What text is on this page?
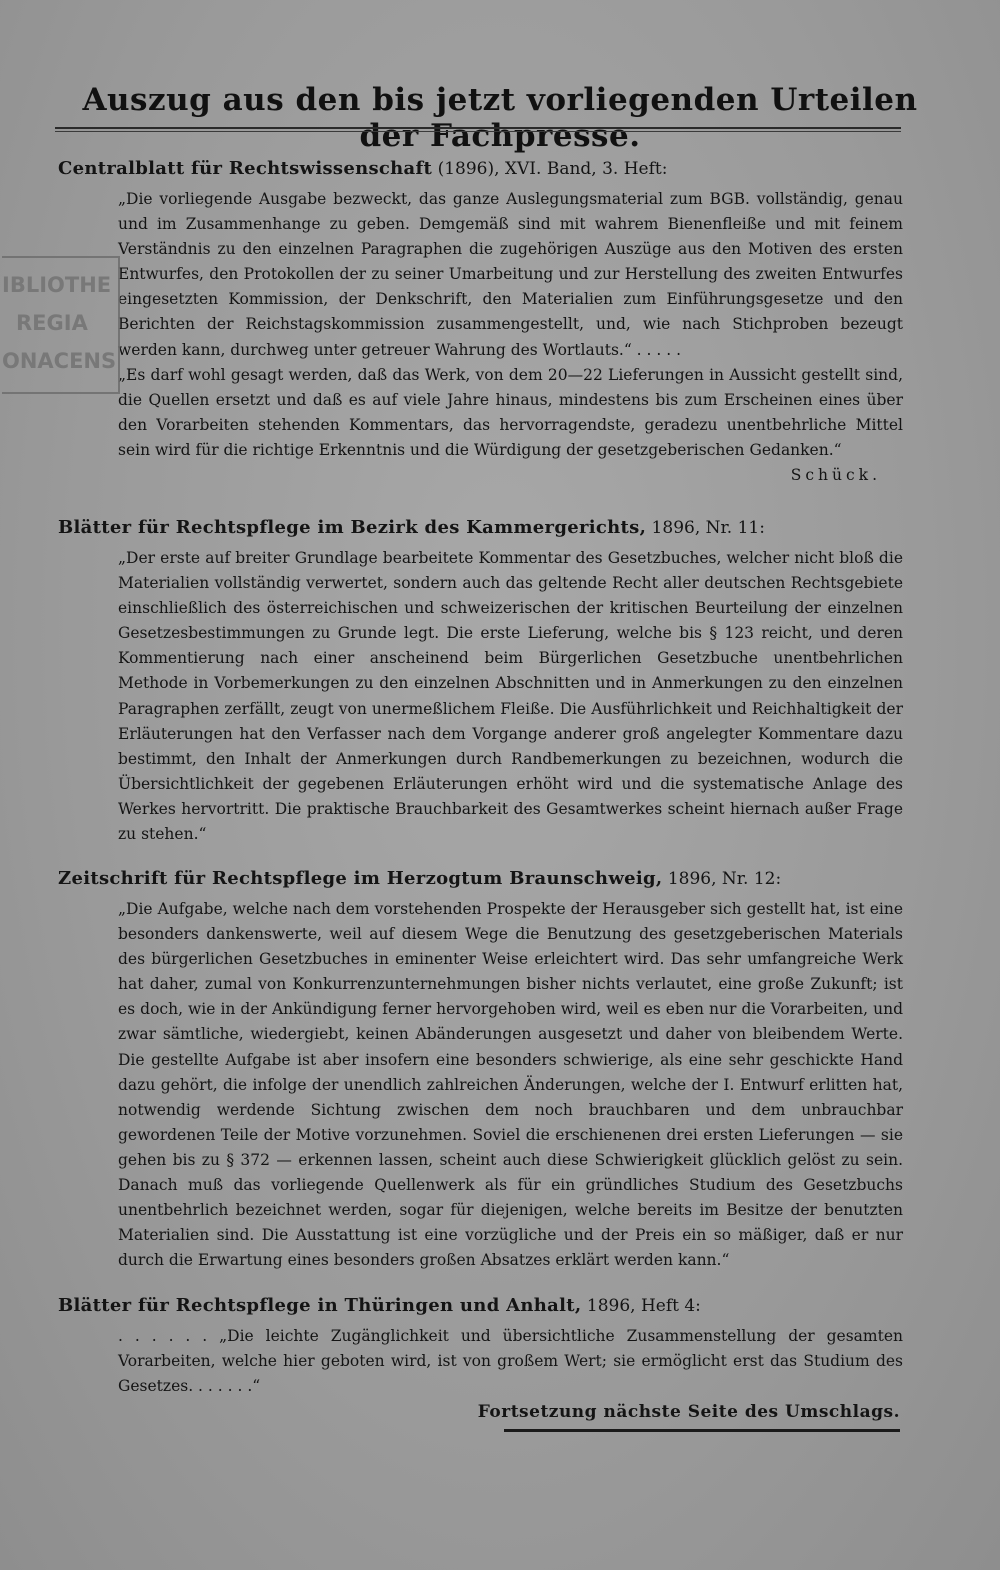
Auszug aus den bis jetzt vorliegenden Urteilen der Fachpresse.
Centralblatt für Rechtswissenschaft (1896), XVI. Band, 3. Heft:

„Die vorliegende Ausgabe bezweckt, das ganze Auslegungsmaterial zum BGB. vollständig, genau und im Zusammenhange zu geben. Demgemäß sind mit wahrem Bienenfleiße und mit feinem Verständnis zu den einzelnen Paragraphen die zugehörigen Auszüge aus den Motiven des ersten Entwurfes, den Protokollen der zu seiner Umarbeitung und zur Herstellung des zweiten Entwurfes eingesetzten Kommission, der Denkschrift, den Materialien zum Einführungsgesetze und den Berichten der Reichstagskommission zusammengestellt, und, wie nach Stichproben bezeugt werden kann, durchweg unter getreuer Wahrung des Wortlauts.“ . . . . .

„Es darf wohl gesagt werden, daß das Werk, von dem 20—22 Lieferungen in Aussicht gestellt sind, die Quellen ersetzt und daß es auf viele Jahre hinaus, mindestens bis zum Erscheinen eines über den Vorarbeiten stehenden Kommentars, das hervorragendste, geradezu unentbehrliche Mittel sein wird für die richtige Erkenntnis und die Würdigung der gesetzgeberischen Gedanken.“
Schück.

Blätter für Rechtspflege im Bezirk des Kammergerichts, 1896, Nr. 11:

„Der erste auf breiter Grundlage bearbeitete Kommentar des Gesetzbuches, welcher nicht bloß die Materialien vollständig verwertet, sondern auch das geltende Recht aller deutschen Rechtsgebiete einschließlich des österreichischen und schweizerischen der kritischen Beurteilung der einzelnen Gesetzesbestimmungen zu Grunde legt. Die erste Lieferung, welche bis § 123 reicht, und deren Kommentierung nach einer anscheinend beim Bürgerlichen Gesetzbuche unentbehrlichen Methode in Vorbemerkungen zu den einzelnen Abschnitten und in Anmerkungen zu den einzelnen Paragraphen zerfällt, zeugt von unermeßlichem Fleiße. Die Ausführlichkeit und Reichhaltigkeit der Erläuterungen hat den Verfasser nach dem Vorgange anderer groß angelegter Kommentare dazu bestimmt, den Inhalt der Anmerkungen durch Randbemerkungen zu bezeichnen, wodurch die Übersichtlichkeit der gegebenen Erläuterungen erhöht wird und die systematische Anlage des Werkes hervortritt. Die praktische Brauchbarkeit des Gesamtwerkes scheint hiernach außer Frage zu stehen.“

Zeitschrift für Rechtspflege im Herzogtum Braunschweig, 1896, Nr. 12:

„Die Aufgabe, welche nach dem vorstehenden Prospekte der Herausgeber sich gestellt hat, ist eine besonders dankenswerte, weil auf diesem Wege die Benutzung des gesetzgeberischen Materials des bürgerlichen Gesetzbuches in eminenter Weise erleichtert wird. Das sehr umfangreiche Werk hat daher, zumal von Konkurrenzunternehmungen bisher nichts verlautet, eine große Zukunft; ist es doch, wie in der Ankündigung ferner hervorgehoben wird, weil es eben nur die Vorarbeiten, und zwar sämtliche, wiedergiebt, keinen Abänderungen ausgesetzt und daher von bleibendem Werte. Die gestellte Aufgabe ist aber insofern eine besonders schwierige, als eine sehr geschickte Hand dazu gehört, die infolge der unendlich zahlreichen Änderungen, welche der I. Entwurf erlitten hat, notwendig werdende Sichtung zwischen dem noch brauchbaren und dem unbrauchbar gewordenen Teile der Motive vorzunehmen. Soviel die erschienenen drei ersten Lieferungen — sie gehen bis zu § 372 — erkennen lassen, scheint auch diese Schwierigkeit glücklich gelöst zu sein. Danach muß das vorliegende Quellenwerk als für ein gründliches Studium des Gesetzbuchs unentbehrlich bezeichnet werden, sogar für diejenigen, welche bereits im Besitze der benutzten Materialien sind. Die Ausstattung ist eine vorzügliche und der Preis ein so mäßiger, daß er nur durch die Erwartung eines besonders großen Absatzes erklärt werden kann.“

Blätter für Rechtspflege in Thüringen und Anhalt, 1896, Heft 4:

. . . . . . „Die leichte Zugänglichkeit und übersichtliche Zusammenstellung der gesamten Vorarbeiten, welche hier geboten wird, ist von großem Wert; sie ermöglicht erst das Studium des Gesetzes. . . . . . .“

IBLIOTHE
REGIA
ONACENS
Fortsetzung nächste Seite des Umschlags.
